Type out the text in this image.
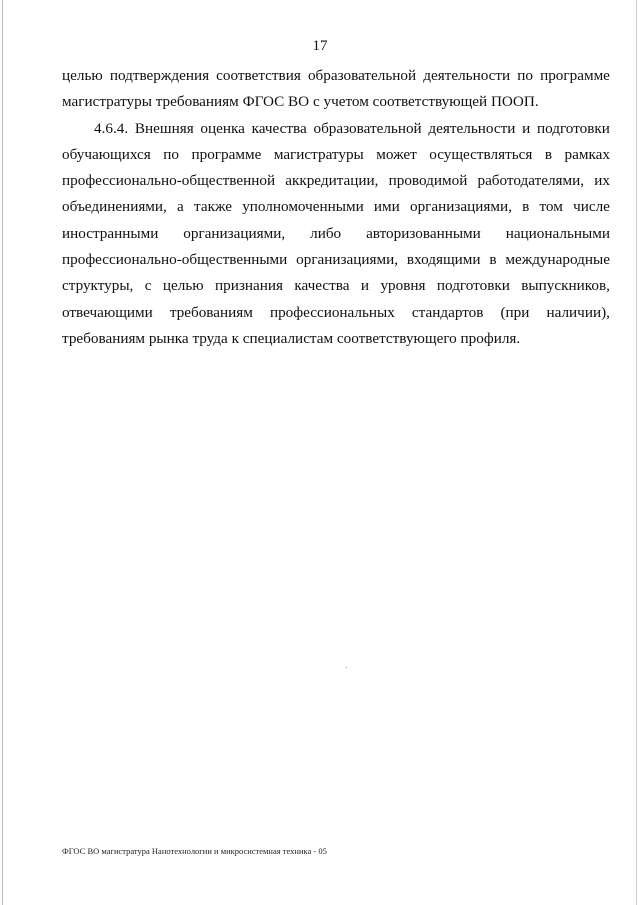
17
целью подтверждения соответствия образовательной деятельности по программе
магистратуры требованиям ФГОС ВО с учетом соответствующей ПООП.
4.6.4. Внешняя оценка качества образовательной деятельности и подготовки
обучающихся по программе магистратуры может осуществляться в рамках
профессионально-общественной аккредитации, проводимой работодателями, их
объединениями, а также уполномоченными ими организациями, в том числе
иностранными организациями, либо авторизованными национальными
профессионально-общественными организациями, входящими в международные
структуры, с целью признания качества и уровня подготовки выпускников,
отвечающими требованиям профессиональных стандартов (при наличии),
требованиям рынка труда к специалистам соответствующего профиля.
ФГОС ВО магистратура Нанотехнологии и микросистемная техника - 05
